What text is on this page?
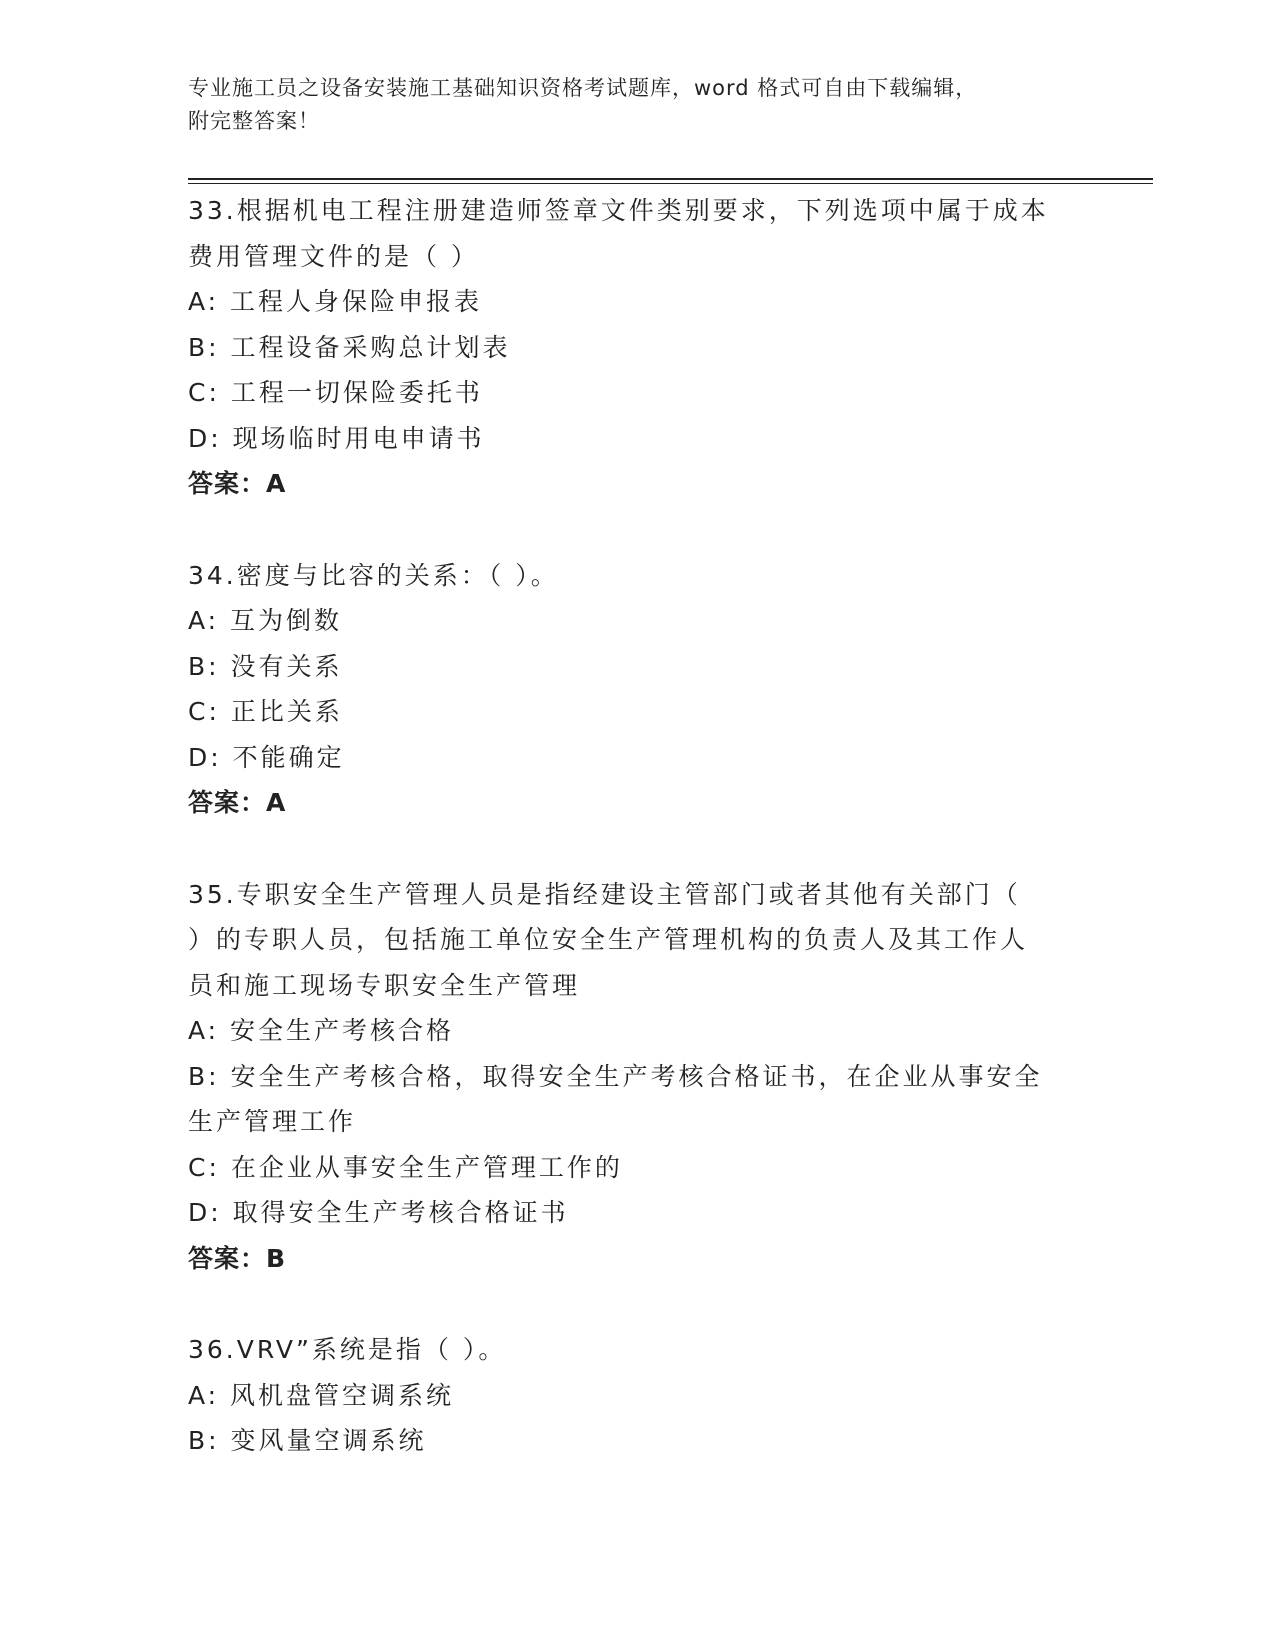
专业施工员之设备安装施工基础知识资格考试题库，word 格式可自由下载编辑，
附完整答案！
33.根据机电工程注册建造师签章文件类别要求，下列选项中属于成本
费用管理文件的是（ ）
A: 工程人身保险申报表
B: 工程设备采购总计划表
C: 工程一切保险委托书
D: 现场临时用电申请书
答案：A
34.密度与比容的关系：（ ）。
A: 互为倒数
B: 没有关系
C: 正比关系
D: 不能确定
答案：A
35.专职安全生产管理人员是指经建设主管部门或者其他有关部门（
）的专职人员，包括施工单位安全生产管理机构的负责人及其工作人
员和施工现场专职安全生产管理
A: 安全生产考核合格
B: 安全生产考核合格，取得安全生产考核合格证书，在企业从事安全
生产管理工作
C: 在企业从事安全生产管理工作的
D: 取得安全生产考核合格证书
答案：B
36.VRV”系统是指（ ）。
A: 风机盘管空调系统
B: 变风量空调系统
